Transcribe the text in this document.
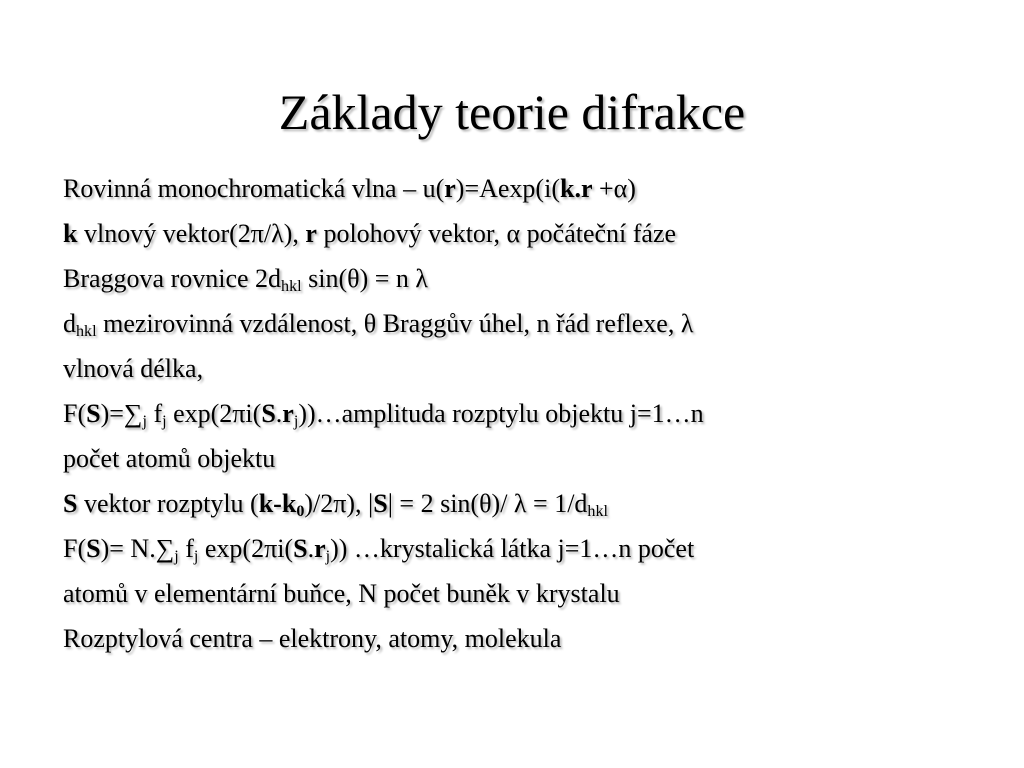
Základy teorie difrakce
Rovinná monochromatická vlna – u(r)=Aexp(i(k.r +α)
k vlnový vektor(2π/λ), r polohový vektor, α počáteční fáze
Braggova rovnice $2d_{hkl}$ sin(θ) = n λ
$d_{hkl}$ mezirovinná vzdálenost, θ Braggův úhel, n řád reflexe, λ
vlnová délka,
$F(S)=\sum_j$ $f_j$ $\exp(2\pi i(S.r_j))\dots amplituda$ rozptylu objektu j=1…n
počet atomů objektu
S vektor rozptylu $(k-k_0)/2\pi$), |S| = 2 sin(θ)/ $\lambda = 1/d_{hkl}$
$F(S)= N.\sum_j$ $f_j$ $\exp(2\pi i(S.r_j))$ …krystalická látka j=1…n počet
atomů v elementární buňce, N počet buněk v krystalu
Rozptylová centra – elektrony, atomy, molekula
